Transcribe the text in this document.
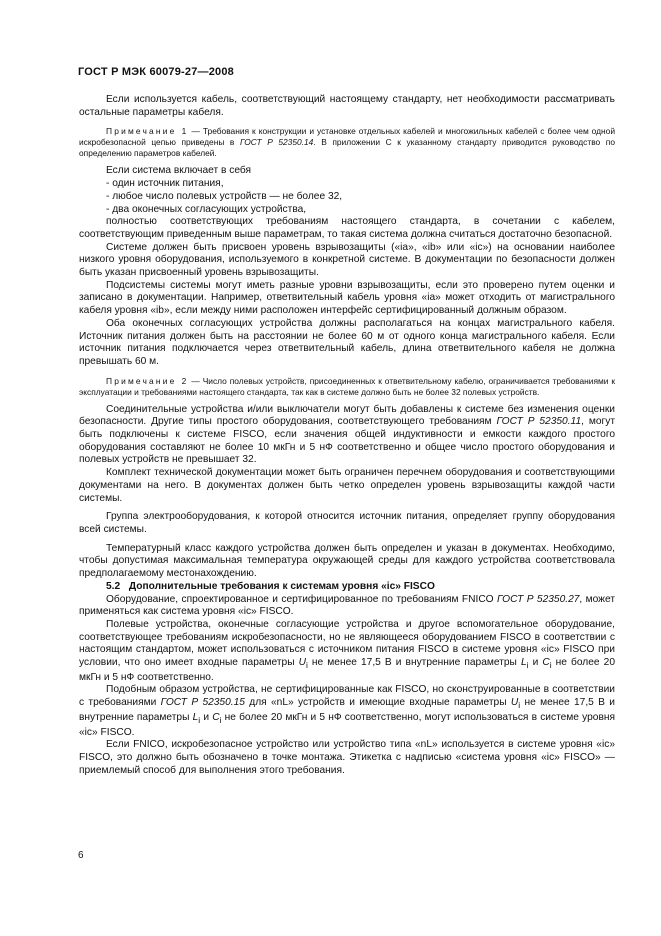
ГОСТ Р МЭК 60079-27—2008

Если используется кабель, соответствующий настоящему стандарту, нет необходимости рассматривать остальные параметры кабеля.

Примечание 1 — Требования к конструкции и установке отдельных кабелей и многожильных кабелей с более чем одной искробезопасной цепью приведены в ГОСТ Р 52350.14. В приложении C к указанному стандарту приводится руководство по определению параметров кабелей.

Если система включает в себя

- один источник питания,

- любое число полевых устройств — не более 32,

- два оконечных согласующих устройства,

полностью соответствующих требованиям настоящего стандарта, в сочетании с кабелем, соответствующим приведенным выше параметрам, то такая система должна считаться достаточно безопасной.

Системе должен быть присвоен уровень взрывозащиты («ia», «ib» или «ic») на основании наиболее низкого уровня оборудования, используемого в конкретной системе. В документации по безопасности должен быть указан присвоенный уровень взрывозащиты.

Подсистемы системы могут иметь разные уровни взрывозащиты, если это проверено путем оценки и записано в документации. Например, ответвительный кабель уровня «ia» может отходить от магистрального кабеля уровня «ib», если между ними расположен интерфейс сертифицированный должным образом.

Оба оконечных согласующих устройства должны располагаться на концах магистрального кабеля. Источник питания должен быть на расстоянии не более 60 м от одного конца магистрального кабеля. Если источник питания подключается через ответвительный кабель, длина ответвительного кабеля не должна превышать 60 м.

Примечание 2 — Число полевых устройств, присоединенных к ответвительному кабелю, ограничивается требованиями к эксплуатации и требованиями настоящего стандарта, так как в системе должно быть не более 32 полевых устройств.

Соединительные устройства и/или выключатели могут быть добавлены к системе без изменения оценки безопасности. Другие типы простого оборудования, соответствующего требованиям ГОСТ Р 52350.11, могут быть подключены к системе FISCO, если значения общей индуктивности и емкости каждого простого оборудования составляют не более 10 мкГн и 5 нФ соответственно и общее число простого оборудования и полевых устройств не превышает 32.

Комплект технической документации может быть ограничен перечнем оборудования и соответствующими документами на него. В документах должен быть четко определен уровень взрывозащиты каждой части системы.

Группа электрооборудования, к которой относится источник питания, определяет группу оборудования всей системы.

Температурный класс каждого устройства должен быть определен и указан в документах. Необходимо, чтобы допустимая максимальная температура окружающей среды для каждого устройства соответствовала предполагаемому местонахождению.

5.2 Дополнительные требования к системам уровня «ic» FISCO

Оборудование, спроектированное и сертифицированное по требованиям FNICO ГОСТ Р 52350.27, может применяться как система уровня «ic» FISCO.

Полевые устройства, оконечные согласующие устройства и другое вспомогательное оборудование, соответствующее требованиям искробезопасности, но не являющееся оборудованием FISCO в соответствии с настоящим стандартом, может использоваться с источником питания FISCO в системе уровня «ic» FISCO при условии, что оно имеет входные параметры $U_i$ не менее 17,5 В и внутренние параметры $L_i$ и $C_i$ не более 20 мкГн и 5 нФ соответственно.

Подобным образом устройства, не сертифицированные как FISCO, но сконструированные в соответствии с требованиями ГОСТ Р 52350.15 для «nL» устройств и имеющие входные параметры $U_i$ не менее 17,5 В и внутренние параметры $L_i$ и $C_i$ не более 20 мкГн и 5 нФ соответственно, могут использоваться в системе уровня «ic» FISCO.

Если FNICO, искробезопасное устройство или устройство типа «nL» используется в системе уровня «ic» FISCO, это должно быть обозначено в точке монтажа. Этикетка с надписью «система уровня «ic» FISCO» — приемлемый способ для выполнения этого требования.

6
